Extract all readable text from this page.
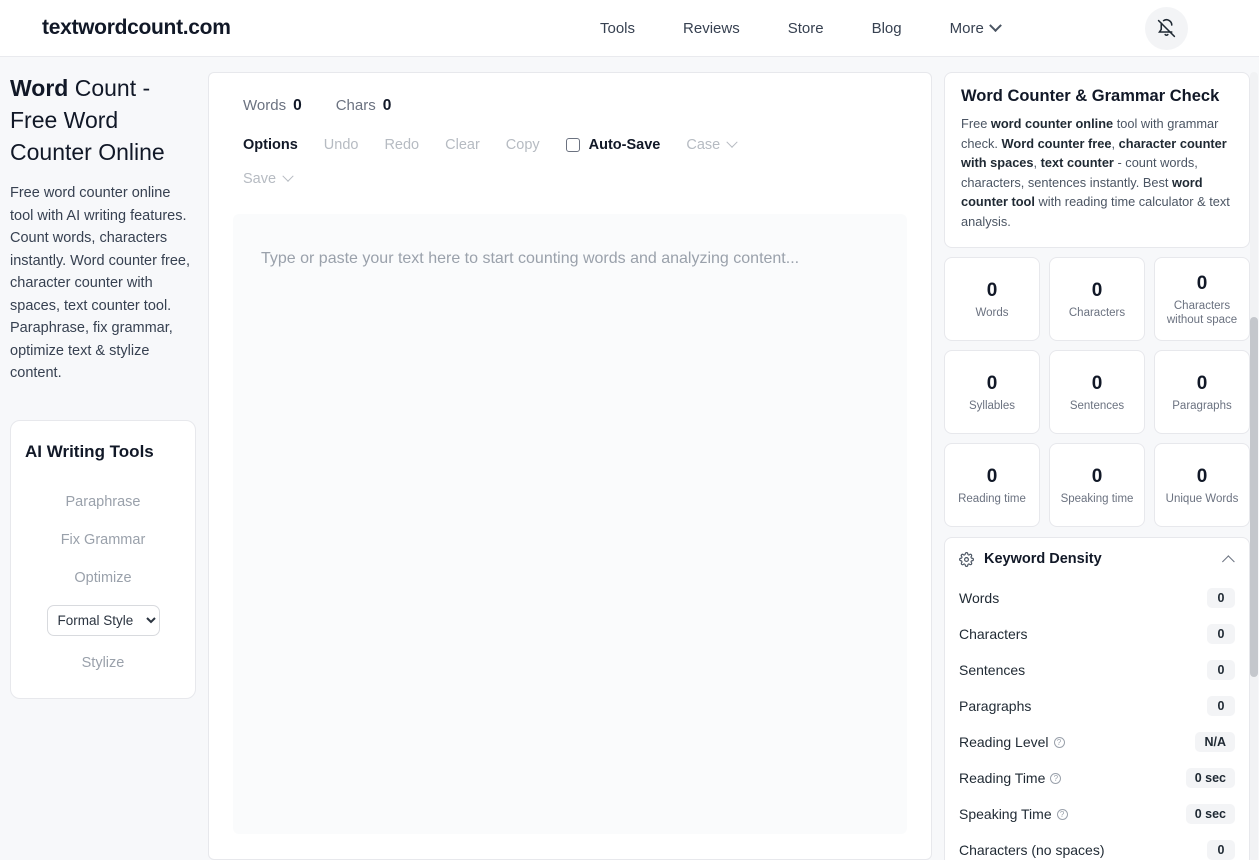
textwordcount.com	Tools	Reviews	Store	Blog	More
Word Count - Free Word Counter Online

Free word counter online tool with AI writing features. Count words, characters instantly. Word counter free, character counter with spaces, text counter tool. Paraphrase, fix grammar, optimize text & stylize content.

AI Writing Tools
Paraphrase
Fix Grammar
Optimize
Formal Style
Stylize
Words 0 Chars 0
Options Undo Redo Clear Copy	Auto-Save Case
Save
Type or paste your text here to start counting words and analyzing content...
Word Counter & Grammar Check

Free word counter online tool with grammar check. Word counter free, character counter with spaces, text counter - count words, characters, sentences instantly. Best word counter tool with reading time calculator & text analysis.

0
Words
0
Characters
0
Characters without space
0
Syllables
0
Sentences
0
Paragraphs
0
Reading time
0
Speaking time
0
Unique Words
Keyword Density
Words	0
Characters	0
Sentences	0
Paragraphs	0
Reading Level	?	N/A
Reading Time	?	0 sec
Speaking Time	?	0 sec
Characters (no spaces)	0
